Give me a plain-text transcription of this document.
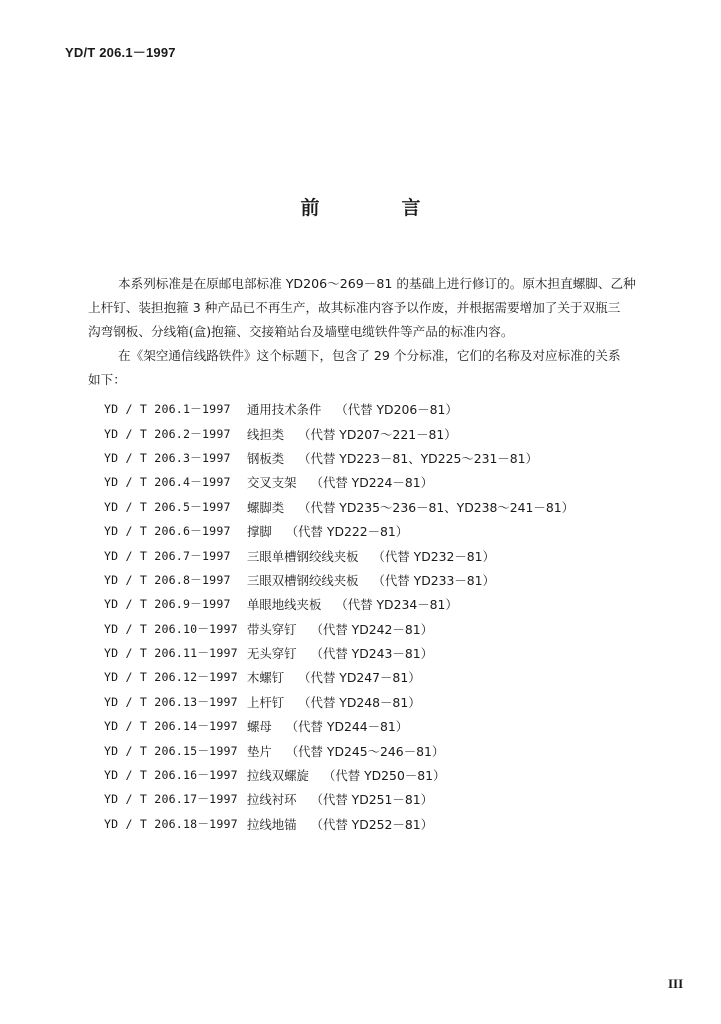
YD/T 206.1－1997
前	言

本系列标准是在原邮电部标准 YD206～269－81 的基础上进行修订的。原木担直螺脚、乙种
上杆钉、装担抱箍 3 种产品已不再生产，故其标准内容予以作废，并根据需要增加了关于双瓶三
沟弯钢板、分线箱(盒)抱箍、交接箱站台及墙壁电缆铁件等产品的标准内容。

在《架空通信线路铁件》这个标题下，包含了 29 个分标准，它们的名称及对应标准的关系
如下：

YD / T 206.1－1997	通用技术条件	（代替 YD206－81）
YD / T 206.2－1997	线担类	（代替 YD207～221－81）
YD / T 206.3－1997	钢板类	（代替 YD223－81、YD225～231－81）
YD / T 206.4－1997	交叉支架	（代替 YD224－81）
YD / T 206.5－1997	螺脚类	（代替 YD235～236－81、YD238～241－81）
YD / T 206.6－1997	撑脚	（代替 YD222－81）
YD / T 206.7－1997	三眼单槽钢绞线夹板	（代替 YD232－81）
YD / T 206.8－1997	三眼双槽钢绞线夹板	（代替 YD233－81）
YD / T 206.9－1997	单眼地线夹板	（代替 YD234－81）
YD / T 206.10－1997 带头穿钉	（代替 YD242－81）
YD / T 206.11－1997 无头穿钉	（代替 YD243－81）
YD / T 206.12－1997 木螺钉	（代替 YD247－81）
YD / T 206.13－1997 上杆钉	（代替 YD248－81）
YD / T 206.14－1997 螺母	（代替 YD244－81）
YD / T 206.15－1997 垫片	（代替 YD245～246－81）
YD / T 206.16－1997 拉线双螺旋	（代替 YD250－81）
YD / T 206.17－1997 拉线衬环	（代替 YD251－81）
YD / T 206.18－1997 拉线地锚	（代替 YD252－81）
III
